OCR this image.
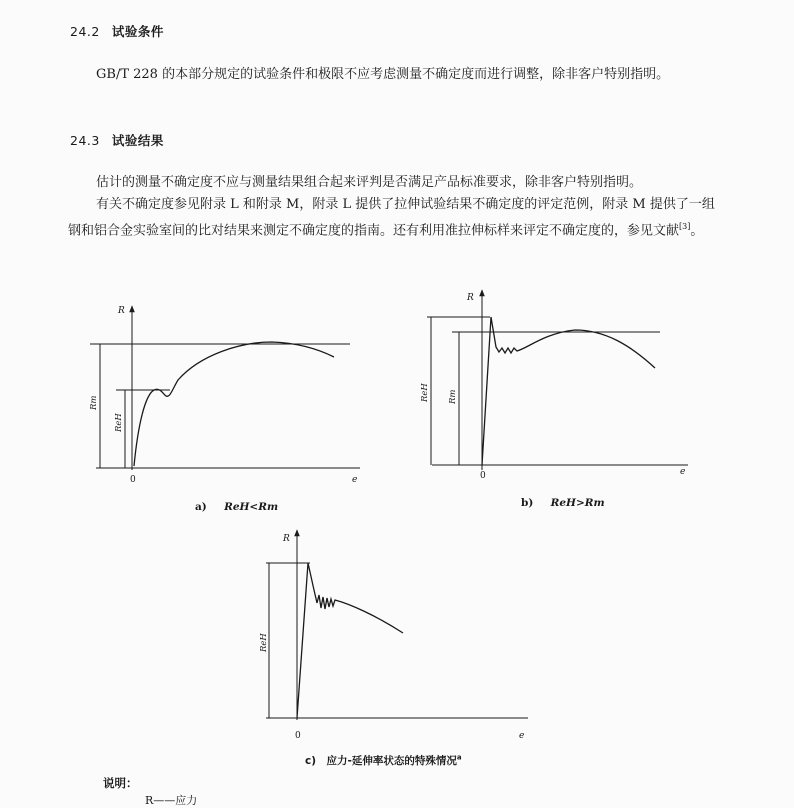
24.2 试验条件
GB/T 228 的本部分规定的试验条件和极限不应考虑测量不确定度而进行调整，除非客户特别指明。
24.3 试验结果
估计的测量不确定度不应与测量结果组合起来评判是否满足产品标准要求，除非客户特别指明。
有关不确定度参见附录 L 和附录 M，附录 L 提供了拉伸试验结果不确定度的评定范例，附录 M 提供了一组钢和铝合金实验室间的比对结果来测定不确定度的指南。还有利用准拉伸标样来评定不确定度的，参见文献[3]。
R
e
0
Rm
ReH
R
e
0
ReH Rm
R
e
0
ReH
a) ReH<Rm	b) ReH>Rm
c)　应力-延伸率状态的特殊情况$^a$
说明：
R——应力
